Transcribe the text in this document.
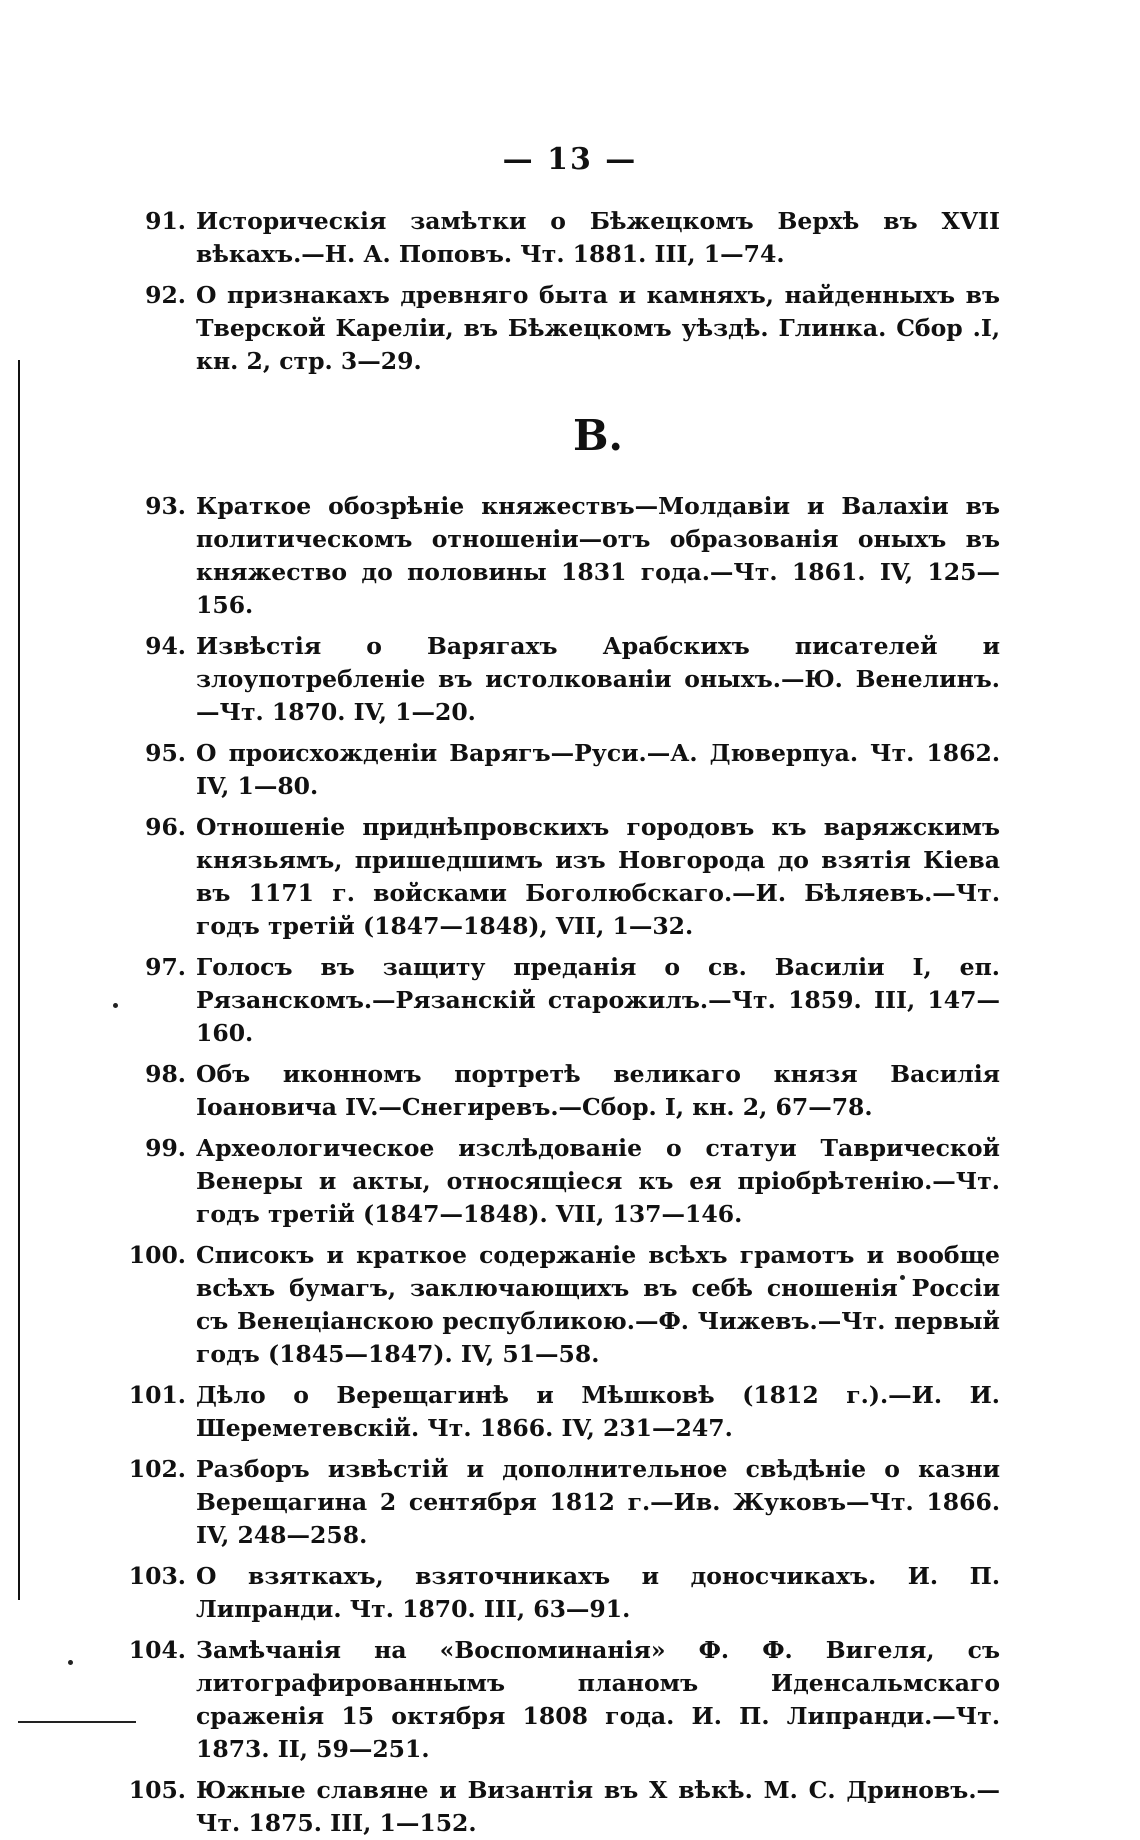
— 13 —
91. Историческія замѣтки о Бѣжецкомъ Верхѣ въ XVII вѣкахъ.—Н. А. Поповъ. Чт. 1881. III, 1—74.
92. О признакахъ древняго быта и камняхъ, найденныхъ въ Тверской Kapeлiи, въ Бѣжецкомъ уѣздѣ. Глинка. Сбор .I, кн. 2, стр. 3—29.
В.
93. Краткое обозрѣніе княжествъ—Молдавіи и Валахіи въ политическомъ отношеніи—отъ образованія оныхъ въ княжество до половины 1831 года.—Чт. 1861. IV, 125—156.
94. Извѣстія о Варягахъ Арабскихъ писателей и злоупотребленіе въ истолкованіи оныхъ.—Ю. Венелинъ.—Чт. 1870. IV, 1—20.
95. О происхожденіи Варягъ—Руси.—А. Дюверпуа. Чт. 1862. IV, 1—80.
96. Отношеніе приднѣпровскихъ городовъ къ варяжскимъ князьямъ, пришедшимъ изъ Новгорода до взятія Кіева въ 1171 г. войсками Боголюбскаго.—И. Бѣляевъ.—Чт. годъ третій (1847—1848), VII, 1—32.
97. Голосъ въ защиту преданія о св. Василіи I, еп. Рязанскомъ.—Рязанскій старожилъ.—Чт. 1859. III, 147—160.
98. Объ иконномъ портретѣ великаго князя Василія Іоановича IV.—Снегиревъ.—Сбор. I, кн. 2, 67—78.
99. Археологическое изслѣдованіе о статуи Таврической Венеры и акты, относящіеся къ ея пріобрѣтенію.—Чт. годъ третій (1847—1848). VII, 137—146.
100. Списокъ и краткое содержаніе всѣхъ грамотъ и вообще всѣхъ бумагъ, заключающихъ въ себѣ сношенія Россіи съ Венеціанскою республикою.—Ф. Чижевъ.—Чт. первый годъ (1845—1847). IV, 51—58.
101. Дѣло о Верещагинѣ и Мѣшковѣ (1812 г.).—И. И. Шереметевскій. Чт. 1866. IV, 231—247.
102. Разборъ извѣстій и дополнительное свѣдѣніе о казни Верещагина 2 сентября 1812 г.—Ив. Жуковъ—Чт. 1866. IV, 248—258.
103. О взяткахъ, взяточникахъ и доносчикахъ. И. П. Липранди. Чт. 1870. III, 63—91.
104. Замѣчанія на «Воспоминанія» Ф. Ф. Вигеля, съ литографированнымъ планомъ Иденсальмскаго сраженія 15 октября 1808 года. И. П. Липранди.—Чт. 1873. II, 59—251.
105. Южные славяне и Византія въ X вѣкѣ. М. С. Дриновъ.—Чт. 1875. III, 1—152.
